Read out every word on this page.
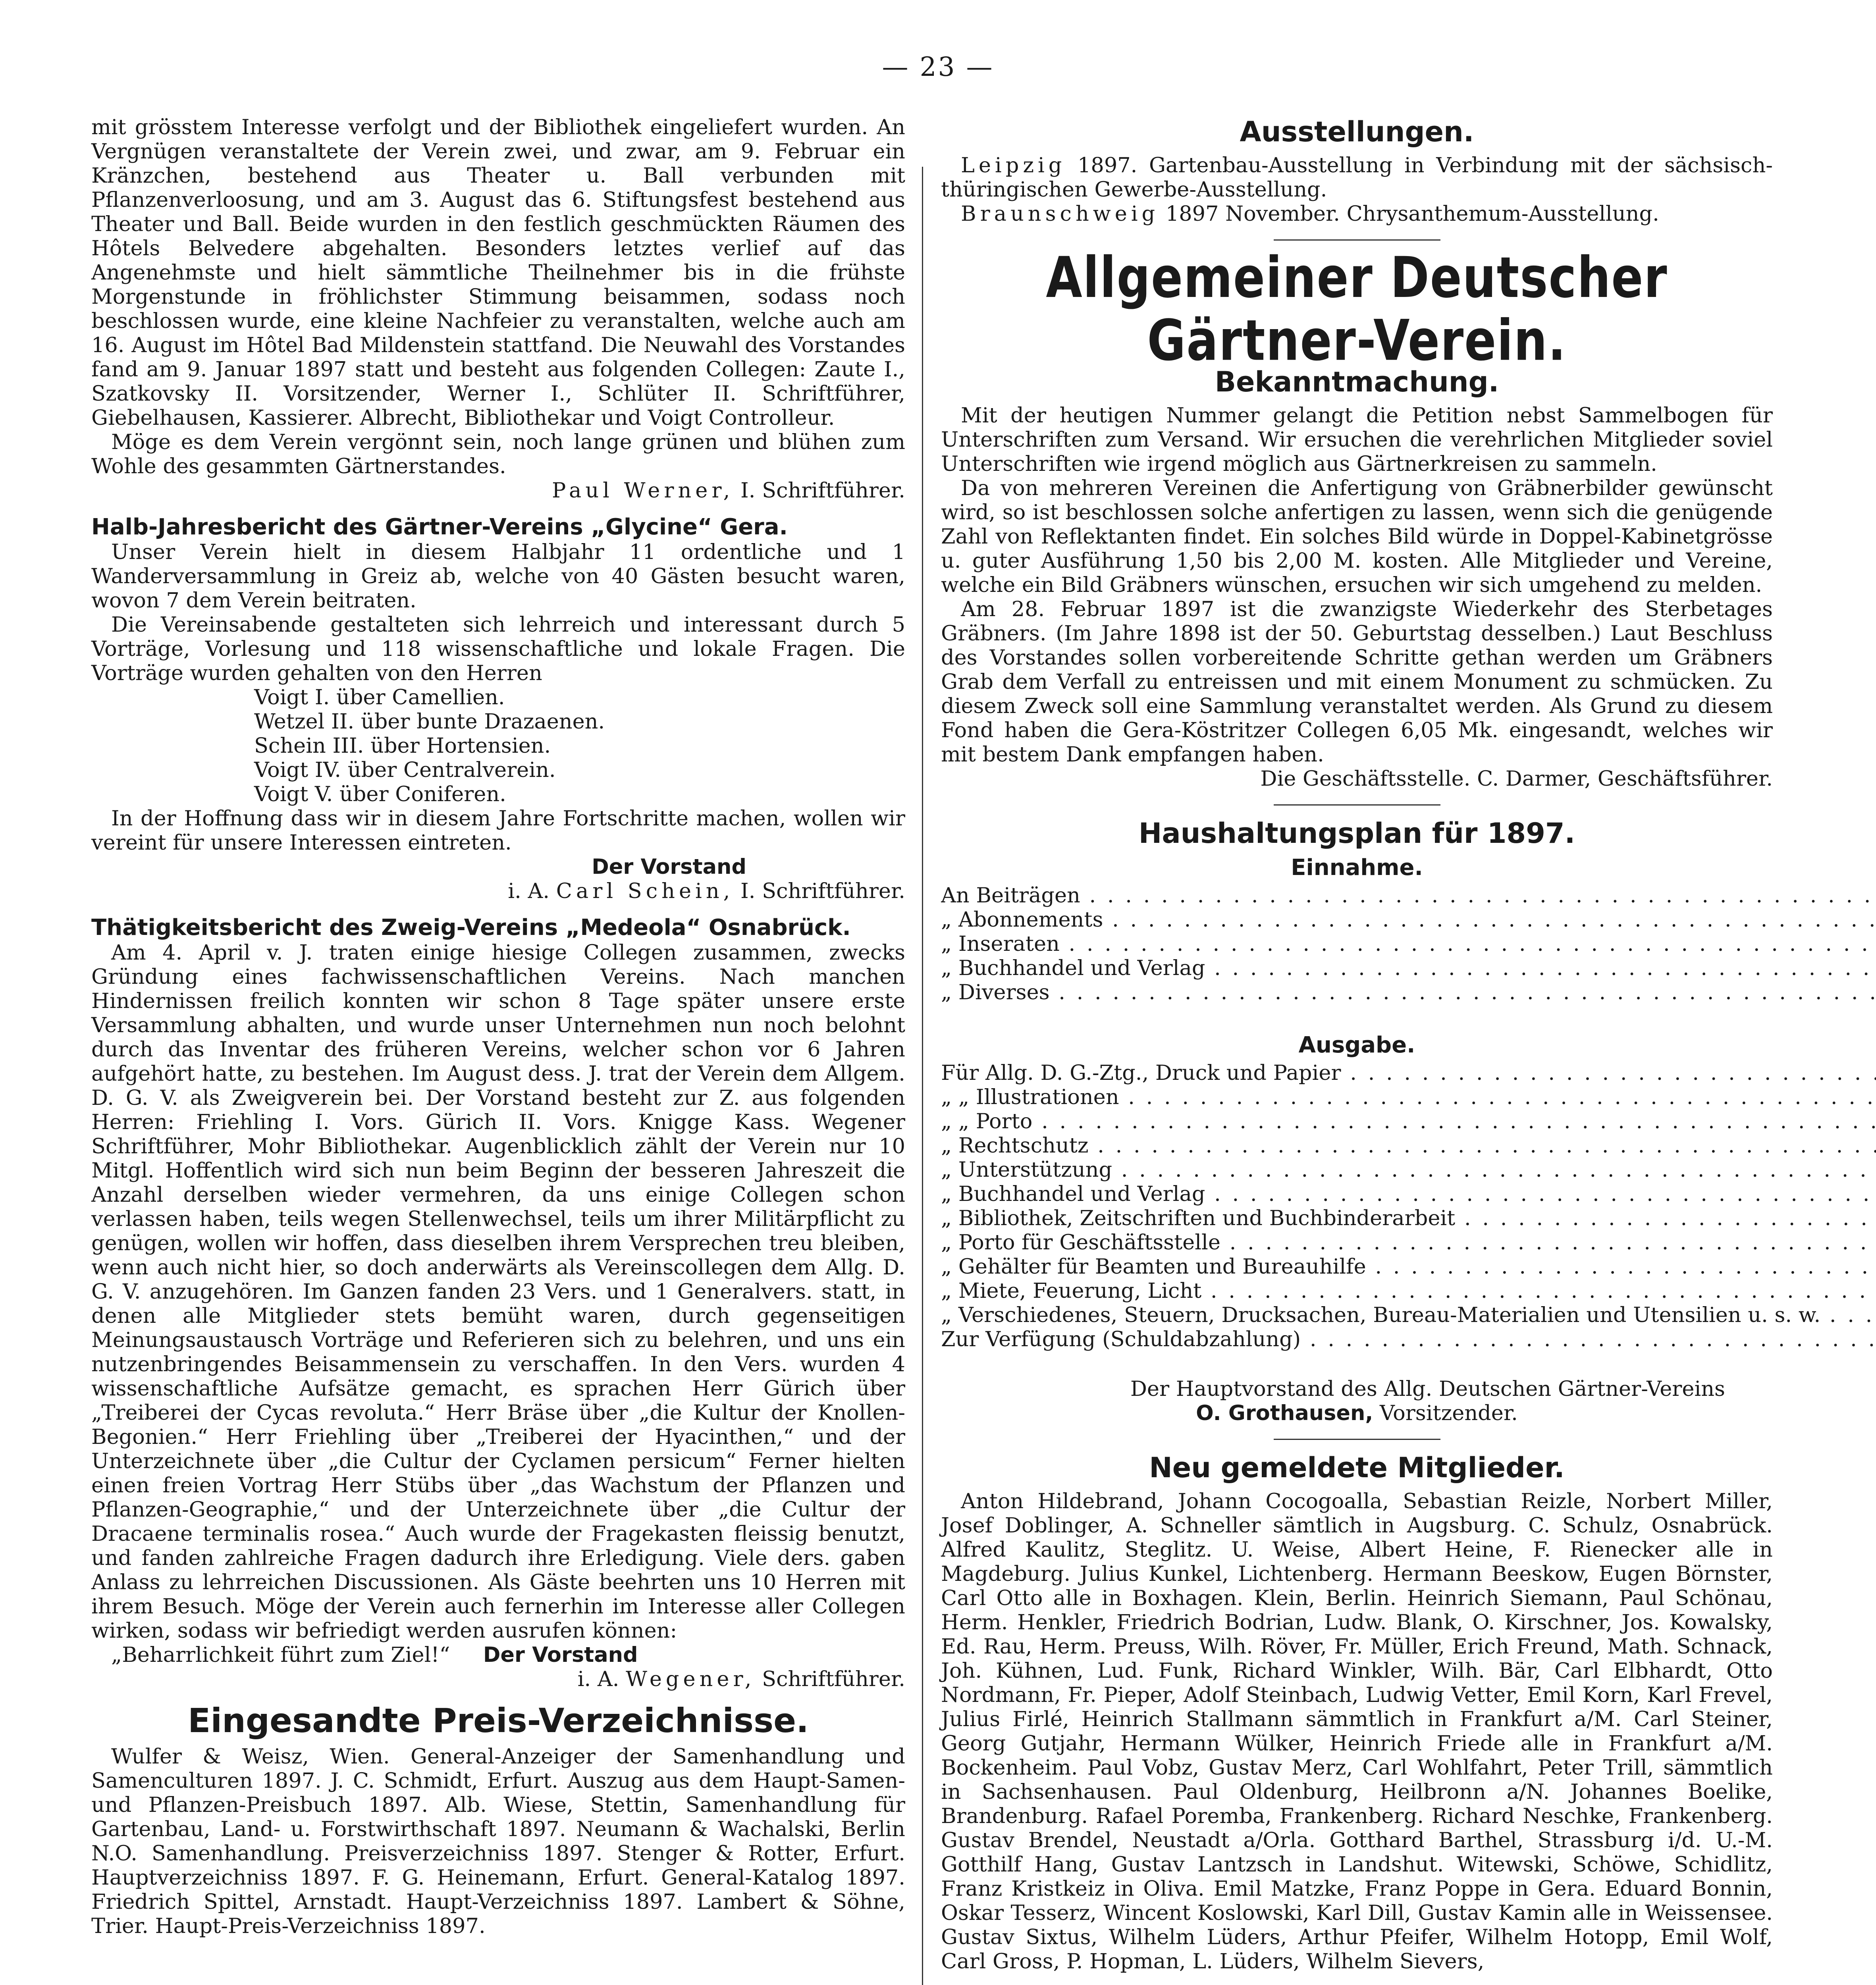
— 23 —

mit grösstem Interesse verfolgt und der Bibliothek eingeliefert wurden. An Vergnügen veranstaltete der Verein zwei, und zwar, am 9. Februar ein Kränzchen, bestehend aus Theater u. Ball verbunden mit Pflanzenverloosung, und am 3. August das 6. Stiftungsfest bestehend aus Theater und Ball. Beide wurden in den festlich geschmückten Räumen des Hôtels Belvedere abgehalten. Besonders letztes verlief auf das Angenehmste und hielt sämmtliche Theilnehmer bis in die frühste Morgenstunde in fröhlichster Stimmung beisammen, sodass noch beschlossen wurde, eine kleine Nachfeier zu veranstalten, welche auch am 16. August im Hôtel Bad Mildenstein stattfand. Die Neuwahl des Vorstandes fand am 9. Januar 1897 statt und besteht aus folgenden Collegen: Zaute I., Szatkovsky II. Vorsitzender, Werner I., Schlüter II. Schriftführer, Giebelhausen, Kassierer. Albrecht, Bibliothekar und Voigt Controlleur.

Möge es dem Verein vergönnt sein, noch lange grünen und blühen zum Wohle des gesammten Gärtnerstandes.

Paul Werner, I. Schriftführer.

Halb-Jahresbericht des Gärtner-Vereins „Glycine“ Gera.

Unser Verein hielt in diesem Halbjahr 11 ordentliche und 1 Wanderversammlung in Greiz ab, welche von 40 Gästen besucht waren, wovon 7 dem Verein beitraten.

Die Vereinsabende gestalteten sich lehrreich und interessant durch 5 Vorträge, Vorlesung und 118 wissenschaftliche und lokale Fragen. Die Vorträge wurden gehalten von den Herren

Voigt I. über Camellien.

Wetzel II. über bunte Drazaenen.

Schein III. über Hortensien.

Voigt IV. über Centralverein.

Voigt V. über Coniferen.

In der Hoffnung dass wir in diesem Jahre Fortschritte machen, wollen wir vereint für unsere Interessen eintreten.

Der Vorstand

i. A. Carl Schein, I. Schriftführer.

Thätigkeitsbericht des Zweig-Vereins „Medeola“ Osnabrück.

Am 4. April v. J. traten einige hiesige Collegen zusammen, zwecks Gründung eines fachwissenschaftlichen Vereins. Nach manchen Hindernissen freilich konnten wir schon 8 Tage später unsere erste Versammlung abhalten, und wurde unser Unternehmen nun noch belohnt durch das Inventar des früheren Vereins, welcher schon vor 6 Jahren aufgehört hatte, zu bestehen. Im August dess. J. trat der Verein dem Allgem. D. G. V. als Zweigverein bei. Der Vorstand besteht zur Z. aus folgenden Herren: Friehling I. Vors. Gürich II. Vors. Knigge Kass. Wegener Schriftführer, Mohr Bibliothekar. Augenblicklich zählt der Verein nur 10 Mitgl. Hoffentlich wird sich nun beim Beginn der besseren Jahreszeit die Anzahl derselben wieder vermehren, da uns einige Collegen schon verlassen haben, teils wegen Stellenwechsel, teils um ihrer Militärpflicht zu genügen, wollen wir hoffen, dass dieselben ihrem Versprechen treu bleiben, wenn auch nicht hier, so doch anderwärts als Vereinscollegen dem Allg. D. G. V. anzugehören. Im Ganzen fanden 23 Vers. und 1 Generalvers. statt, in denen alle Mitglieder stets bemüht waren, durch gegenseitigen Meinungsaustausch Vorträge und Referieren sich zu belehren, und uns ein nutzenbringendes Beisammensein zu verschaffen. In den Vers. wurden 4 wissenschaftliche Aufsätze gemacht, es sprachen Herr Gürich über „Treiberei der Cycas revoluta.“ Herr Bräse über „die Kultur der Knollen-Begonien.“ Herr Friehling über „Treiberei der Hyacinthen,“ und der Unterzeichnete über „die Cultur der Cyclamen persicum“ Ferner hielten einen freien Vortrag Herr Stübs über „das Wachstum der Pflanzen und Pflanzen-Geographie,“ und der Unterzeichnete über „die Cultur der Dracaene terminalis rosea.“ Auch wurde der Fragekasten fleissig benutzt, und fanden zahlreiche Fragen dadurch ihre Erledigung. Viele ders. gaben Anlass zu lehrreichen Discussionen. Als Gäste beehrten uns 10 Herren mit ihrem Besuch. Möge der Verein auch fernerhin im Interesse aller Collegen wirken, sodass wir befriedigt werden ausrufen können:

„Beharrlichkeit führt zum Ziel!“ Der Vorstand

i. A. Wegener, Schriftführer.

Eingesandte Preis-Verzeichnisse.

Wulfer & Weisz, Wien. General-Anzeiger der Samenhandlung und Samenculturen 1897. J. C. Schmidt, Erfurt. Auszug aus dem Haupt-Samen- und Pflanzen-Preisbuch 1897. Alb. Wiese, Stettin, Samenhandlung für Gartenbau, Land- u. Forstwirthschaft 1897. Neumann & Wachalski, Berlin N.O. Samenhandlung. Preisverzeichniss 1897. Stenger & Rotter, Erfurt. Hauptverzeichniss 1897. F. G. Heinemann, Erfurt. General-Katalog 1897. Friedrich Spittel, Arnstadt. Haupt-Verzeichniss 1897. Lambert & Söhne, Trier. Haupt-Preis-Verzeichniss 1897.

Ausstellungen.

Leipzig 1897. Gartenbau-Ausstellung in Verbindung mit der sächsisch-thüringischen Gewerbe-Ausstellung.

Braunschweig 1897 November. Chrysanthemum-Ausstellung.

Allgemeiner Deutscher Gärtner-Verein.
Bekanntmachung.

Mit der heutigen Nummer gelangt die Petition nebst Sammelbogen für Unterschriften zum Versand. Wir ersuchen die verehrlichen Mitglieder soviel Unterschriften wie irgend möglich aus Gärtnerkreisen zu sammeln.

Da von mehreren Vereinen die Anfertigung von Gräbnerbilder gewünscht wird, so ist beschlossen solche anfertigen zu lassen, wenn sich die genügende Zahl von Reflektanten findet. Ein solches Bild würde in Doppel-Kabinetgrösse u. guter Ausführung 1,50 bis 2,00 M. kosten. Alle Mitglieder und Vereine, welche ein Bild Gräbners wünschen, ersuchen wir sich umgehend zu melden.

Am 28. Februar 1897 ist die zwanzigste Wiederkehr des Sterbetages Gräbners. (Im Jahre 1898 ist der 50. Geburtstag desselben.) Laut Beschluss des Vorstandes sollen vorbereitende Schritte gethan werden um Gräbners Grab dem Verfall zu entreissen und mit einem Monument zu schmücken. Zu diesem Zweck soll eine Sammlung veranstaltet werden. Als Grund zu diesem Fond haben die Gera-Köstritzer Collegen 6,05 Mk. eingesandt, welches wir mit bestem Dank empfangen haben.

Die Geschäftsstelle. C. Darmer, Geschäftsführer.

Haushaltungsplan für 1897.
Einnahme.
An Beiträgen . . .

„ Abonnements . . .

„ Inseraten . . .

„ Buchhandel und Verlag . . .

„ Diverses . . .

Ausgabe.
Für Allg. D. G.-Ztg., Druck und Papier . . .

„ „ Illustrationen . . .

„ „ Porto . . .

„ Rechtschutz . . .

„ Unterstützung . . .

„ Buchhandel und Verlag . . .

„ Bibliothek, Zeitschriften und Buchbinderarbeit . . .

„ Porto für Geschäftsstelle . . .

„ Gehälter für Beamten und Bureauhilfe . . .

„ Miete, Feuerung, Licht . . .

„ Verschiedenes, Steuern, Drucksachen, Bureau-Materialien und Utensilien u. s. w. . . .

Zur Verfügung (Schuldabzahlung) . . .

Der Hauptvorstand des Allg. Deutschen Gärtner-Vereins

O. Grothausen, Vorsitzender.

Neu gemeldete Mitglieder.

Anton Hildebrand, Johann Cocogoalla, Sebastian Reizle, Norbert Miller, Josef Doblinger, A. Schneller sämtlich in Augsburg. C. Schulz, Osnabrück. Alfred Kaulitz, Steglitz. U. Weise, Albert Heine, F. Rienecker alle in Magdeburg. Julius Kunkel, Lichtenberg. Hermann Beeskow, Eugen Börnster, Carl Otto alle in Boxhagen. Klein, Berlin. Heinrich Siemann, Paul Schönau, Herm. Henkler, Friedrich Bodrian, Ludw. Blank, O. Kirschner, Jos. Kowalsky, Ed. Rau, Herm. Preuss, Wilh. Röver, Fr. Müller, Erich Freund, Math. Schnack, Joh. Kühnen, Lud. Funk, Richard Winkler, Wilh. Bär, Carl Elbhardt, Otto Nordmann, Fr. Pieper, Adolf Steinbach, Ludwig Vetter, Emil Korn, Karl Frevel, Julius Firlé, Heinrich Stallmann sämmtlich in Frankfurt a/M. Carl Steiner, Georg Gutjahr, Hermann Wülker, Heinrich Friede alle in Frankfurt a/M. Bockenheim. Paul Vobz, Gustav Merz, Carl Wohlfahrt, Peter Trill, sämmtlich in Sachsenhausen. Paul Oldenburg, Heilbronn a/N. Johannes Boelike, Brandenburg. Rafael Poremba, Frankenberg. Richard Neschke, Frankenberg. Gustav Brendel, Neustadt a/Orla. Gotthard Barthel, Strassburg i/d. U.-M. Gotthilf Hang, Gustav Lantzsch in Landshut. Witewski, Schöwe, Schidlitz, Franz Kristkeiz in Oliva. Emil Matzke, Franz Poppe in Gera. Eduard Bonnin, Oskar Tesserz, Wincent Koslowski, Karl Dill, Gustav Kamin alle in Weissensee. Gustav Sixtus, Wilhelm Lüders, Arthur Pfeifer, Wilhelm Hotopp, Emil Wolf, Carl Gross, P. Hopman, L. Lüders, Wilhelm Sievers,
